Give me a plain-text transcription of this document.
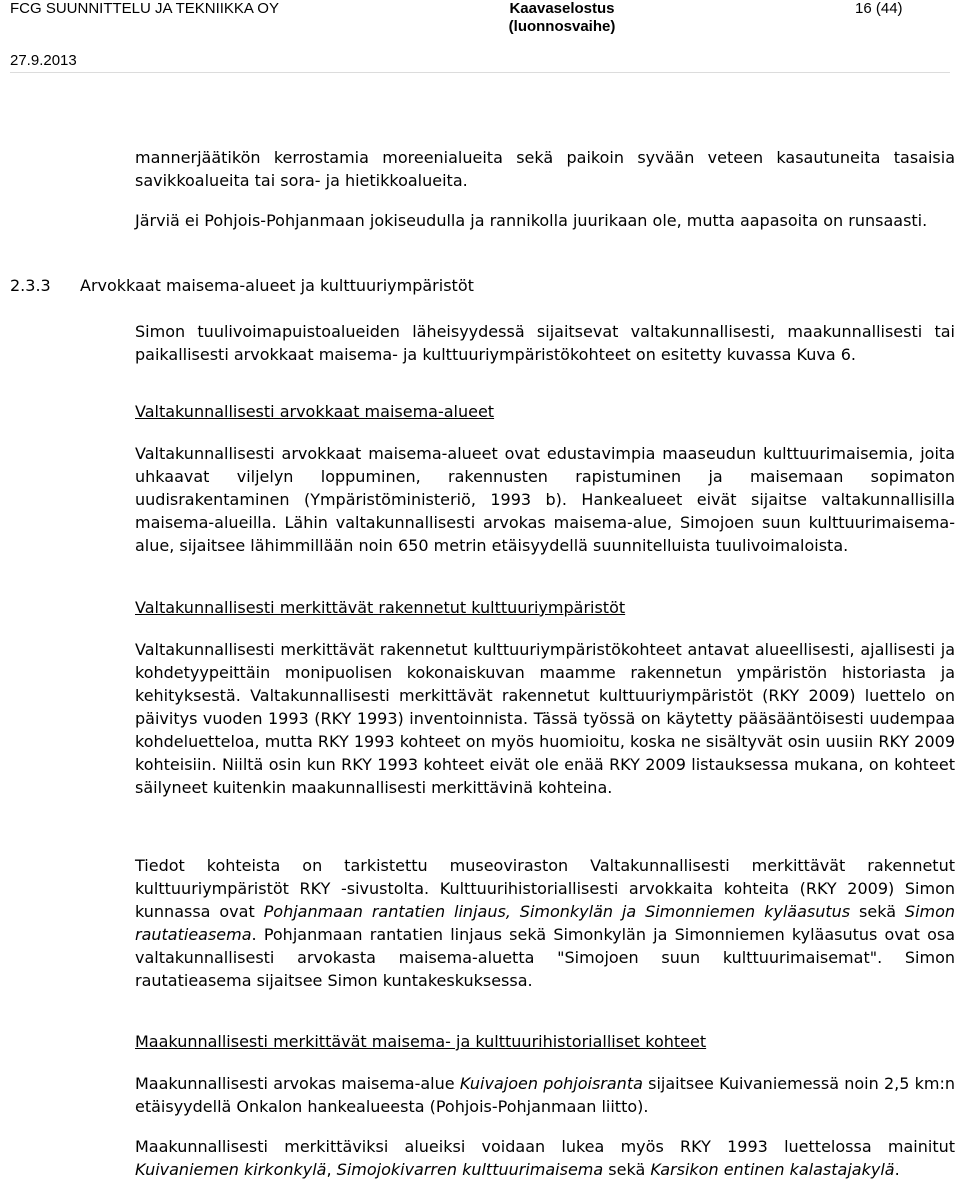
FCG SUUNNITTELU JA TEKNIIKKA OY
27.9.2013
Kaavaselostus
(luonnosvaihe)
16 (44)
2.3.3 Arvokkaat maisema-alueet ja kulttuuriympäristöt

mannerjäätikön kerrostamia moreenialueita sekä paikoin syvään veteen kasautuneita tasaisia savikkoalueita tai sora- ja hietikkoalueita.

Järviä ei Pohjois-Pohjanmaan jokiseudulla ja rannikolla juurikaan ole, mutta aapasoita on runsaasti.

Simon tuulivoimapuistoalueiden läheisyydessä sijaitsevat valtakunnallisesti, maakunnallisesti tai paikallisesti arvokkaat maisema- ja kulttuuriympäristökohteet on esitetty kuvassa Kuva 6.

Valtakunnallisesti arvokkaat maisema-alueet

Valtakunnallisesti arvokkaat maisema-alueet ovat edustavimpia maaseudun kulttuurimaisemia, joita uhkaavat viljelyn loppuminen, rakennusten rapistuminen ja maisemaan sopimaton uudisrakentaminen (Ympäristöministeriö, 1993 b). Hankealueet eivät sijaitse valtakunnallisilla maisema-alueilla. Lähin valtakunnallisesti arvokas maisema-alue, Simojoen suun kulttuurimaisema-alue, sijaitsee lähimmillään noin 650 metrin etäisyydellä suunnitelluista tuulivoimaloista.

Valtakunnallisesti merkittävät rakennetut kulttuuriympäristöt

Valtakunnallisesti merkittävät rakennetut kulttuuriympäristökohteet antavat alueellisesti, ajallisesti ja kohdetyypeittäin monipuolisen kokonaiskuvan maamme rakennetun ympäristön historiasta ja kehityksestä. Valtakunnallisesti merkittävät rakennetut kulttuuriympäristöt (RKY 2009) luettelo on päivitys vuoden 1993 (RKY 1993) inventoinnista. Tässä työssä on käytetty pääsääntöisesti uudempaa kohdeluetteloa, mutta RKY 1993 kohteet on myös huomioitu, koska ne sisältyvät osin uusiin RKY 2009 kohteisiin. Niiltä osin kun RKY 1993 kohteet eivät ole enää RKY 2009 listauksessa mukana, on kohteet säilyneet kuitenkin maakunnallisesti merkittävinä kohteina.

Tiedot kohteista on tarkistettu museoviraston Valtakunnallisesti merkittävät rakennetut kulttuuriympäristöt RKY -sivustolta. Kulttuurihistoriallisesti arvokkaita kohteita (RKY 2009) Simon kunnassa ovat Pohjanmaan rantatien linjaus, Simonkylän ja Simonniemen kyläasutus sekä Simon rautatieasema. Pohjanmaan rantatien linjaus sekä Simonkylän ja Simonniemen kyläasutus ovat osa valtakunnallisesti arvokasta maisema-aluetta "Simojoen suun kulttuurimaisemat". Simon rautatieasema sijaitsee Simon kuntakeskuksessa.

Maakunnallisesti merkittävät maisema- ja kulttuurihistorialliset kohteet

Maakunnallisesti arvokas maisema-alue Kuivajoen pohjoisranta sijaitsee Kuivaniemessä noin 2,5 km:n etäisyydellä Onkalon hankealueesta (Pohjois-Pohjanmaan liitto).

Maakunnallisesti merkittäviksi alueiksi voidaan lukea myös RKY 1993 luettelossa mainitut Kuivaniemen kirkonkylä, Simojokivarren kulttuurimaisema sekä Karsikon entinen kalastajakylä.
